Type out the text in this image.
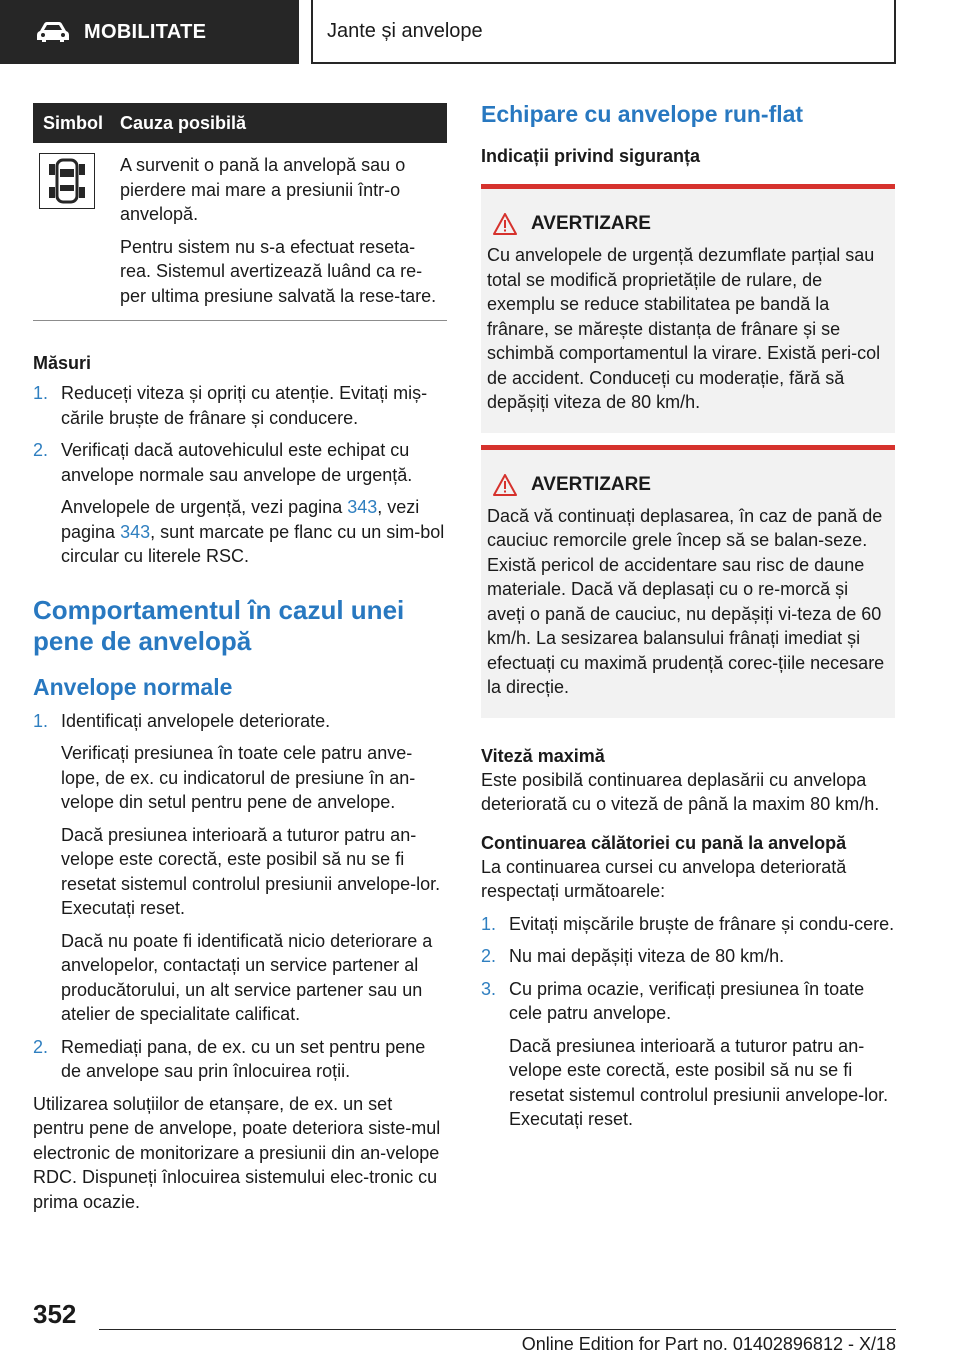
MOBILITATE	Jante și anvelope
Simbol Cauza posibilă

A survenit o pană la anvelopă sau o pierdere mai mare a presiunii într-o anvelopă.

Pentru sistem nu s-a efectuat reseta-rea. Sistemul avertizează luând ca re-per ultima presiune salvată la rese-tare.

Măsuri
1. Reduceți viteza și opriți cu atenție. Evitați miș-cările bruște de frânare și conducere.

2. Verificați dacă autovehiculul este echipat cu anvelope normale sau anvelope de urgență.

Anvelopele de urgență, vezi pagina 343, vezi pagina 343, sunt marcate pe flanc cu un sim-bol circular cu literele RSC.

Comportamentul în cazul unei pene de anvelopă
Anvelope normale
1. Identificați anvelopele deteriorate.

Verificați presiunea în toate cele patru anve-lope, de ex. cu indicatorul de presiune în an-velope din setul pentru pene de anvelope.

Dacă presiunea interioară a tuturor patru an-velope este corectă, este posibil să nu se fi resetat sistemul controlul presiunii anvelope-lor. Executați reset.

Dacă nu poate fi identificată nicio deteriorare a anvelopelor, contactați un service partener al producătorului, un alt service partener sau un atelier de specialitate calificat.

2. Remediați pana, de ex. cu un set pentru pene de anvelope sau prin înlocuirea roții.

Utilizarea soluțiilor de etanșare, de ex. un set pentru pene de anvelope, poate deteriora siste-mul electronic de monitorizare a presiunii din an-velope RDC. Dispuneți înlocuirea sistemului elec-tronic cu prima ocazie.

Echipare cu anvelope run-flat
Indicații privind siguranța
AVERTIZARE

Cu anvelopele de urgență dezumflate parțial sau total se modifică proprietățile de rulare, de exemplu se reduce stabilitatea pe bandă la frânare, se mărește distanța de frânare și se schimbă comportamentul la virare. Există peri-col de accident. Conduceți cu moderație, fără să depășiți viteza de 80 km/h.

AVERTIZARE

Dacă vă continuați deplasarea, în caz de pană de cauciuc remorcile grele încep să se balan-seze. Există pericol de accidentare sau risc de daune materiale. Dacă vă deplasați cu o re-morcă și aveți o pană de cauciuc, nu depășiți vi-teza de 60 km/h. La sesizarea balansului frânați imediat și efectuați cu maximă prudență corec-țiile necesare la direcție.

Viteză maximă

Este posibilă continuarea deplasării cu anvelopa deteriorată cu o viteză de până la maxim 80 km/h.

Continuarea călătoriei cu pană la anvelopă

La continuarea cursei cu anvelopa deteriorată respectați următoarele:

1. Evitați mișcările bruște de frânare și condu-cere.

2. Nu mai depășiți viteza de 80 km/h.

3. Cu prima ocazie, verificați presiunea în toate cele patru anvelope.

Dacă presiunea interioară a tuturor patru an-velope este corectă, este posibil să nu se fi resetat sistemul controlul presiunii anvelope-lor. Executați reset.

352
Online Edition for Part no. 01402896812 - X/18
